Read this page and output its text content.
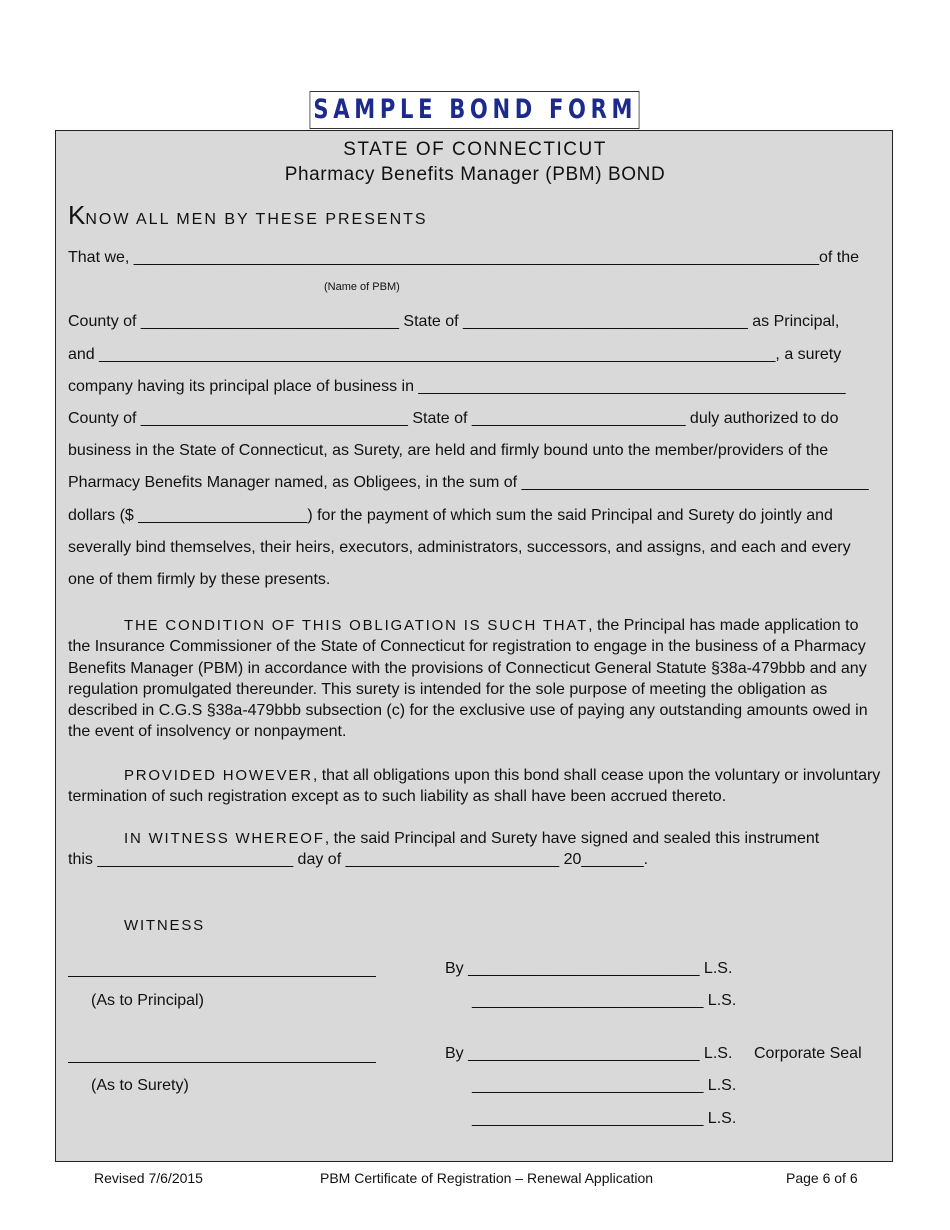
SAMPLE BOND FORM
STATE OF CONNECTICUT
Pharmacy Benefits Manager (PBM) BOND
KNOW ALL MEN BY THESE PRESENTS
That we, _____________________________________________________________________________of the
(Name of PBM)
County of _____________________________ State of ________________________________ as Principal,
and ____________________________________________________________________________, a surety
company having its principal place of business in ________________________________________________
County of ______________________________ State of ________________________ duly authorized to do
business in the State of Connecticut, as Surety, are held and firmly bound unto the member/providers of the
Pharmacy Benefits Manager named, as Obligees, in the sum of _______________________________________
dollars ($ ___________________) for the payment of which sum the said Principal and Surety do jointly and
severally bind themselves, their heirs, executors, administrators, successors, and assigns, and each and every
one of them firmly by these presents.
THE CONDITION OF THIS OBLIGATION IS SUCH THAT, the Principal has made application to the Insurance Commissioner of the State of Connecticut for registration to engage in the business of a Pharmacy Benefits Manager (PBM) in accordance with the provisions of Connecticut General Statute §38a-479bbb and any regulation promulgated thereunder. This surety is intended for the sole purpose of meeting the obligation as described in C.G.S §38a-479bbb subsection (c) for the exclusive use of paying any outstanding amounts owed in the event of insolvency or nonpayment.
PROVIDED HOWEVER, that all obligations upon this bond shall cease upon the voluntary or involuntary termination of such registration except as to such liability as shall have been accrued thereto.
IN WITNESS WHEREOF, the said Principal and Surety have signed and sealed this instrument
this ______________________ day of ________________________ 20_______.
WITNESS
By __________________________ L.S.
(As to Principal)	__________________________ L.S.
By __________________________ L.S. Corporate Seal
(As to Surety)	__________________________ L.S.
__________________________ L.S.
Revised 7/6/2015	PBM Certificate of Registration – Renewal Application	Page 6 of 6
